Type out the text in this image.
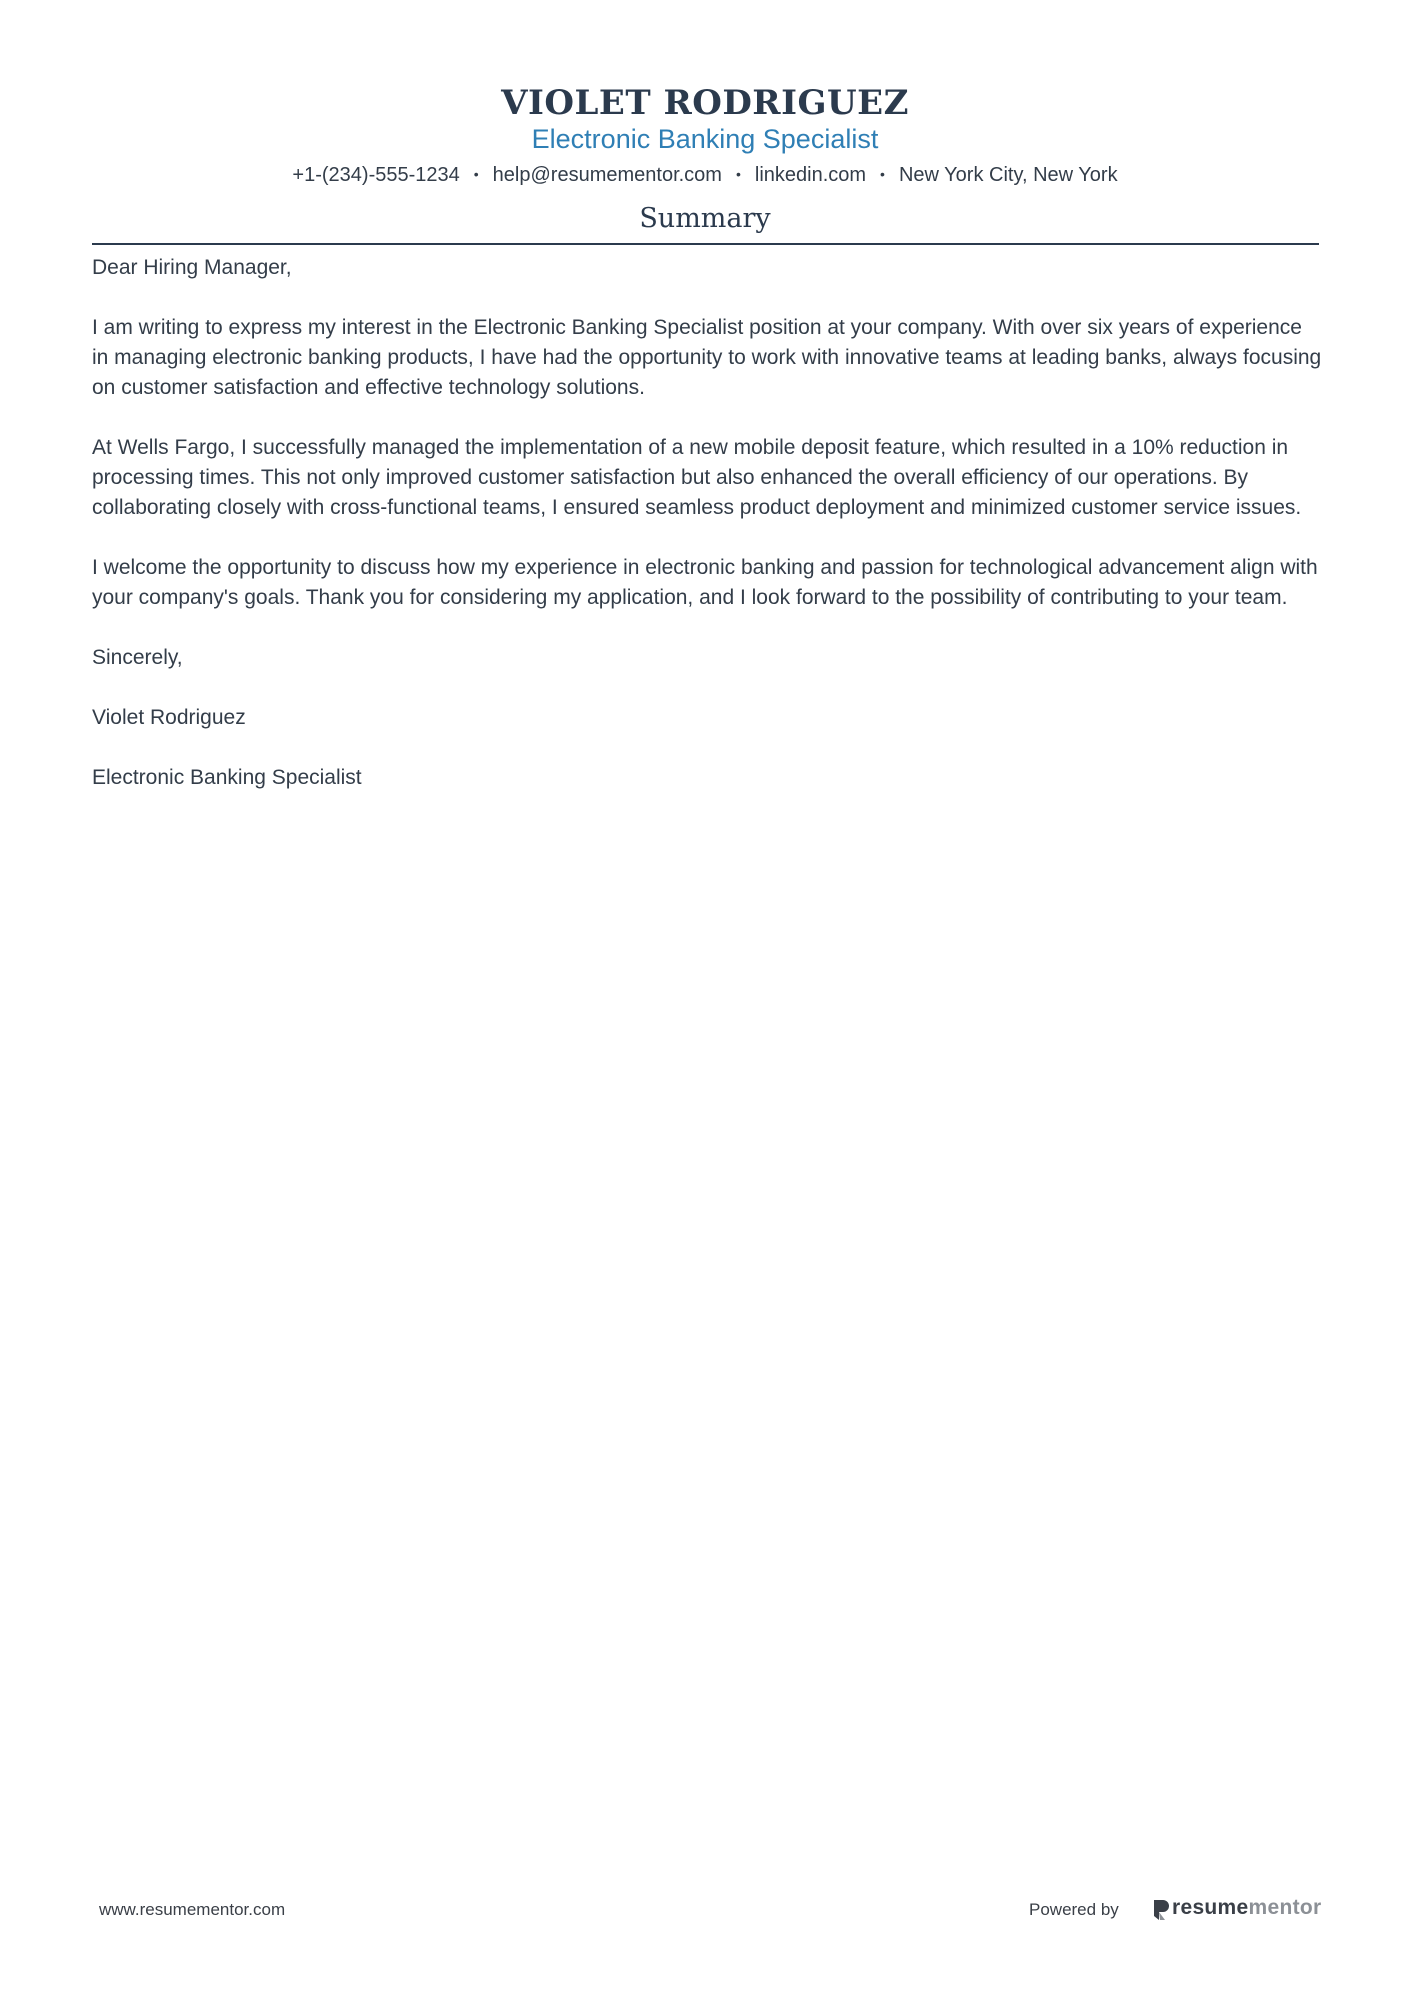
VIOLET RODRIGUEZ
Electronic Banking Specialist
+1-(234)-555-1234 • help@resumementor.com • linkedin.com • New York City, New York
Summary

Dear Hiring Manager,

I am writing to express my interest in the Electronic Banking Specialist position at your company. With over six years of experience in managing electronic banking products, I have had the opportunity to work with innovative teams at leading banks, always focusing on customer satisfaction and effective technology solutions.

At Wells Fargo, I successfully managed the implementation of a new mobile deposit feature, which resulted in a 10% reduction in processing times. This not only improved customer satisfaction but also enhanced the overall efficiency of our operations. By collaborating closely with cross-functional teams, I ensured seamless product deployment and minimized customer service issues.

I welcome the opportunity to discuss how my experience in electronic banking and passion for technological advancement align with your company's goals. Thank you for considering my application, and I look forward to the possibility of contributing to your team.

Sincerely,

Violet Rodriguez

Electronic Banking Specialist

www.resumementor.com	Powered by	resumementor
